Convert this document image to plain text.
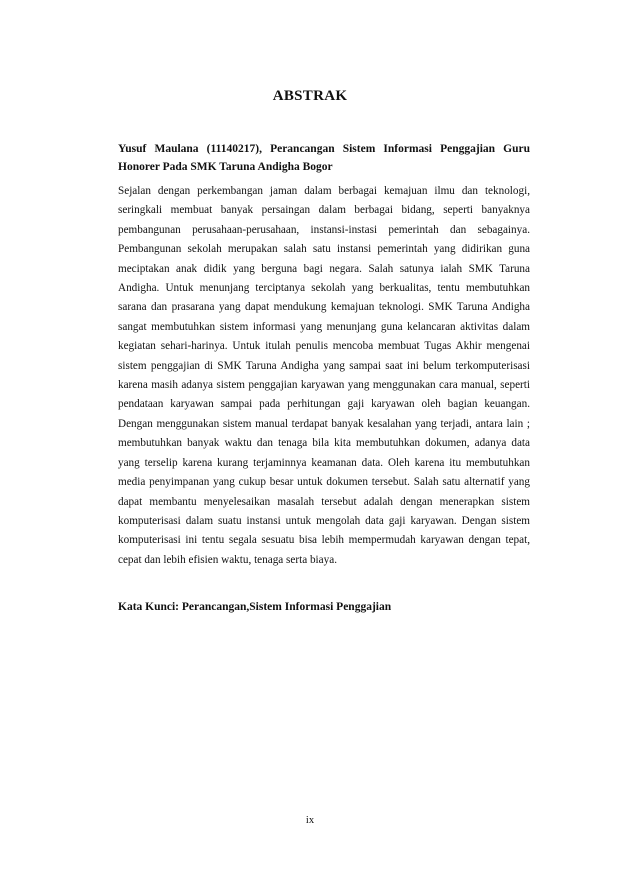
ABSTRAK
Yusuf Maulana (11140217), Perancangan Sistem Informasi Penggajian Guru Honorer Pada SMK Taruna Andigha Bogor

Sejalan dengan perkembangan jaman dalam berbagai kemajuan ilmu dan teknologi, seringkali membuat banyak persaingan dalam berbagai bidang, seperti banyaknya pembangunan perusahaan-perusahaan, instansi-instasi pemerintah dan sebagainya. Pembangunan sekolah merupakan salah satu instansi pemerintah yang didirikan guna meciptakan anak didik yang berguna bagi negara. Salah satunya ialah SMK Taruna Andigha. Untuk menunjang terciptanya sekolah yang berkualitas, tentu membutuhkan sarana dan prasarana yang dapat mendukung kemajuan teknologi. SMK Taruna Andigha sangat membutuhkan sistem informasi yang menunjang guna kelancaran aktivitas dalam kegiatan sehari-harinya. Untuk itulah penulis mencoba membuat Tugas Akhir mengenai sistem penggajian di SMK Taruna Andigha yang sampai saat ini belum terkomputerisasi karena masih adanya sistem penggajian karyawan yang menggunakan cara manual, seperti pendataan karyawan sampai pada perhitungan gaji karyawan oleh bagian keuangan. Dengan menggunakan sistem manual terdapat banyak kesalahan yang terjadi, antara lain ; membutuhkan banyak waktu dan tenaga bila kita membutuhkan dokumen, adanya data yang terselip karena kurang terjaminnya keamanan data. Oleh karena itu membutuhkan media penyimpanan yang cukup besar untuk dokumen tersebut. Salah satu alternatif yang dapat membantu menyelesaikan masalah tersebut adalah dengan menerapkan sistem komputerisasi dalam suatu instansi untuk mengolah data gaji karyawan. Dengan sistem komputerisasi ini tentu segala sesuatu bisa lebih mempermudah karyawan dengan tepat, cepat dan lebih efisien waktu, tenaga serta biaya.

Kata Kunci: Perancangan,Sistem Informasi Penggajian
ix
